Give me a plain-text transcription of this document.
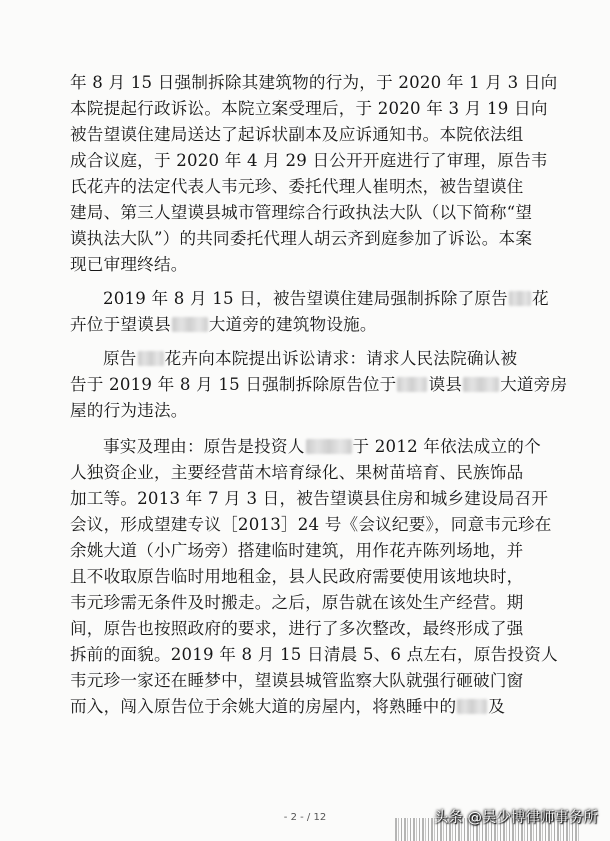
年 8 月 15 日强制拆除其建筑物的行为，于 2020 年 1 月 3 日向
本院提起行政诉讼。本院立案受理后，于 2020 年 3 月 19 日向
被告望谟住建局送达了起诉状副本及应诉通知书。本院依法组
成合议庭，于 2020 年 4 月 29 日公开开庭进行了审理，原告韦
氏花卉的法定代表人韦元珍、委托代理人崔明杰，被告望谟住
建局、第三人望谟县城市管理综合行政执法大队（以下简称“望
谟执法大队”）的共同委托代理人胡云齐到庭参加了诉讼。本案
现已审理终结。
2019 年 8 月 15 日，被告望谟住建局强制拆除了原告 花
卉位于望谟县 大道旁的建筑物设施。
原告 花卉向本院提出诉讼请求：请求人民法院确认被
告于 2019 年 8 月 15 日强制拆除原告位于 谟县 大道旁房
屋的行为违法。
事实及理由：原告是投资人	于 2012 年依法成立的个
人独资企业，主要经营苗木培育绿化、果树苗培育、民族饰品
加工等。2013 年 7 月 3 日，被告望谟县住房和城乡建设局召开
会议，形成望建专议［2013］24 号《会议纪要》，同意韦元珍在
余姚大道（小广场旁）搭建临时建筑，用作花卉陈列场地，并
且不收取原告临时用地租金，县人民政府需要使用该地块时，
韦元珍需无条件及时搬走。之后，原告就在该处生产经营。期
间，原告也按照政府的要求，进行了多次整改，最终形成了强
拆前的面貌。2019 年 8 月 15 日清晨 5、6 点左右，原告投资人
韦元珍一家还在睡梦中，望谟县城管监察大队就强行砸破门窗
而入，闯入原告位于余姚大道的房屋内，将熟睡中的 及
- 2 - / 12	头条 @吴少博律师事务所
